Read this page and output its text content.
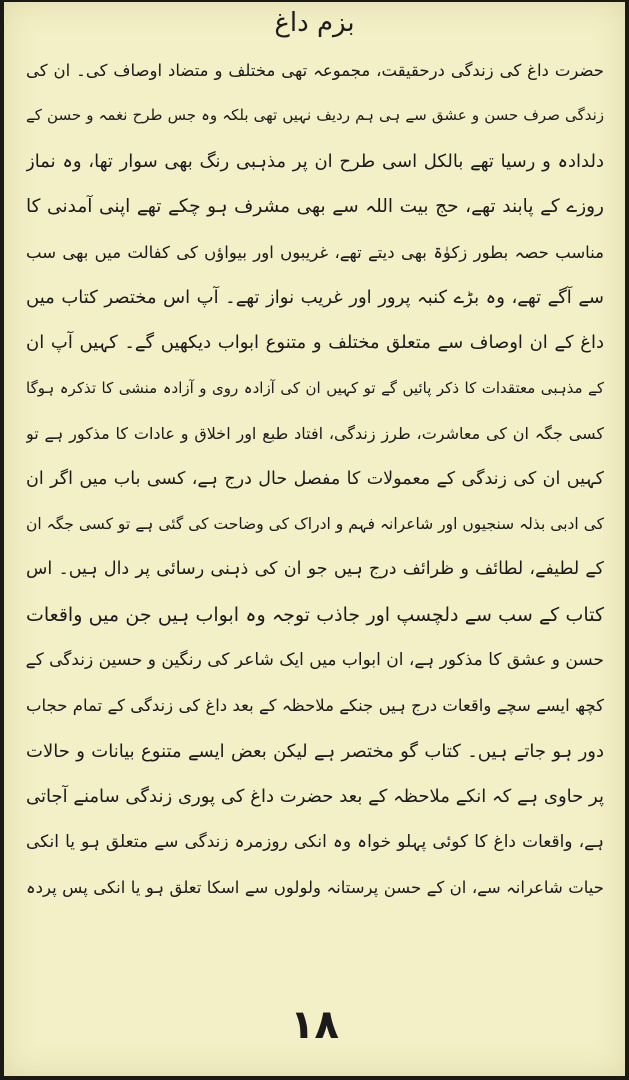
بزم داغ
حضرت داغ کی زندگی درحقیقت، مجموعہ تھی مختلف و متضاد اوصاف کی۔ ان کی
زندگی صرف حسن و عشق سے ہی ہم ردیف نہیں تھی بلکہ وہ جس طرح نغمہ و حسن کے
دلدادہ و رسیا تھے بالکل اسی طرح ان پر مذہبی رنگ بھی سوار تھا، وہ نماز
روزے کے پابند تھے، حج بیت اللہ سے بھی مشرف ہو چکے تھے اپنی آمدنی کا
مناسب حصہ بطور زکوٰۃ بھی دیتے تھے، غریبوں اور بیواؤں کی کفالت میں بھی سب
سے آگے تھے، وہ بڑے کنبہ پرور اور غریب نواز تھے۔ آپ اس مختصر کتاب میں
داغ کے ان اوصاف سے متعلق مختلف و متنوع ابواب دیکھیں گے۔ کہیں آپ ان
کے مذہبی معتقدات کا ذکر پائیں گے تو کہیں ان کی آزادہ روی و آزادہ منشی کا تذکرہ ہوگا
کسی جگہ ان کی معاشرت، طرز زندگی، افتاد طبع اور اخلاق و عادات کا مذکور ہے تو
کہیں ان کی زندگی کے معمولات کا مفصل حال درج ہے، کسی باب میں اگر ان
کی ادبی بذلہ سنجیوں اور شاعرانہ فہم و ادراک کی وضاحت کی گئی ہے تو کسی جگہ ان
کے لطیفے، لطائف و ظرائف درج ہیں جو ان کی ذہنی رسائی پر دال ہیں۔ اس
کتاب کے سب سے دلچسپ اور جاذب توجہ وہ ابواب ہیں جن میں واقعات
حسن و عشق کا مذکور ہے، ان ابواب میں ایک شاعر کی رنگین و حسین زندگی کے
کچھ ایسے سچے واقعات درج ہیں جنکے ملاحظہ کے بعد داغ کی زندگی کے تمام حجاب
دور ہو جاتے ہیں۔ کتاب گو مختصر ہے لیکن بعض ایسے متنوع بیانات و حالات
پر حاوی ہے کہ انکے ملاحظہ کے بعد حضرت داغ کی پوری زندگی سامنے آجاتی
ہے، واقعات داغ کا کوئی پہلو خواہ وہ انکی روزمرہ زندگی سے متعلق ہو یا انکی
حیات شاعرانہ سے، ان کے حسن پرستانہ ولولوں سے اسکا تعلق ہو یا انکی پس پردہ
١٨
